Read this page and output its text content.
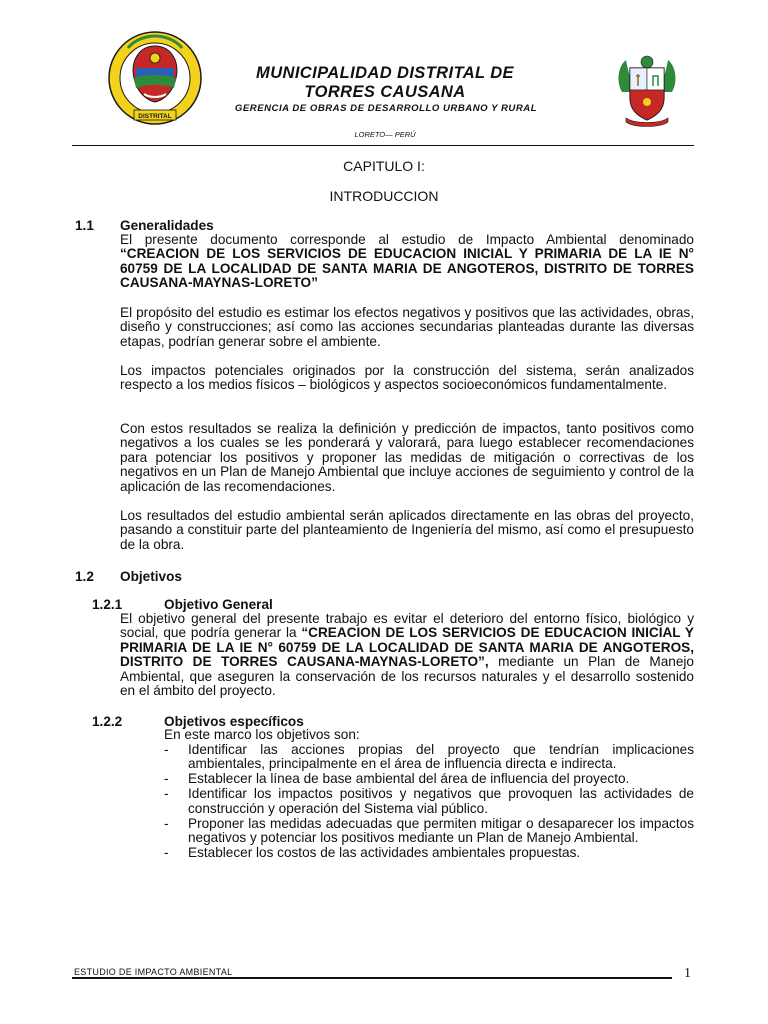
DISTRITAL
MUNICIPALIDAD DISTRITAL DE
TORRES CAUSANA
GERENCIA DE OBRAS DE DESARROLLO URBANO Y RURAL
LORETO— PERÚ
CAPITULO I:
INTRODUCCION
1.1 Generalidades
El presente documento corresponde al estudio de Impacto Ambiental denominado “CREACION DE LOS SERVICIOS DE EDUCACION INICIAL Y PRIMARIA DE LA IE N° 60759 DE LA LOCALIDAD DE SANTA MARIA DE ANGOTEROS, DISTRITO DE TORRES CAUSANA-MAYNAS-LORETO”
El propósito del estudio es estimar los efectos negativos y positivos que las actividades, obras, diseño y construcciones; así como las acciones secundarias planteadas durante las diversas etapas, podrían generar sobre el ambiente.
Los impactos potenciales originados por la construcción del sistema, serán analizados respecto a los medios físicos – biológicos y aspectos socioeconómicos fundamentalmente.
Con estos resultados se realiza la definición y predicción de impactos, tanto positivos como negativos a los cuales se les ponderará y valorará, para luego establecer recomendaciones para potenciar los positivos y proponer las medidas de mitigación o correctivas de los negativos en un Plan de Manejo Ambiental que incluye acciones de seguimiento y control de la aplicación de las recomendaciones.
Los resultados del estudio ambiental serán aplicados directamente en las obras del proyecto, pasando a constituir parte del planteamiento de Ingeniería del mismo, así como el presupuesto de la obra.
1.2 Objetivos
1.2.1	Objetivo General
El objetivo general del presente trabajo es evitar el deterioro del entorno físico, biológico y social, que podría generar la “CREACION DE LOS SERVICIOS DE EDUCACION INICIAL Y PRIMARIA DE LA IE N° 60759 DE LA LOCALIDAD DE SANTA MARIA DE ANGOTEROS, DISTRITO DE TORRES CAUSANA-MAYNAS-LORETO”, mediante un Plan de Manejo Ambiental, que aseguren la conservación de los recursos naturales y el desarrollo sostenido en el ámbito del proyecto.
1.2.2	Objetivos específicos
En este marco los objetivos son:
- Identificar las acciones propias del proyecto que tendrían implicaciones ambientales, principalmente en el área de influencia directa e indirecta.
- Establecer la línea de base ambiental del área de influencia del proyecto.
- Identificar los impactos positivos y negativos que provoquen las actividades de construcción y operación del Sistema vial público.
- Proponer las medidas adecuadas que permiten mitigar o desaparecer los impactos negativos y potenciar los positivos mediante un Plan de Manejo Ambiental.
- Establecer los costos de las actividades ambientales propuestas.
ESTUDIO DE IMPACTO AMBIENTAL	1
